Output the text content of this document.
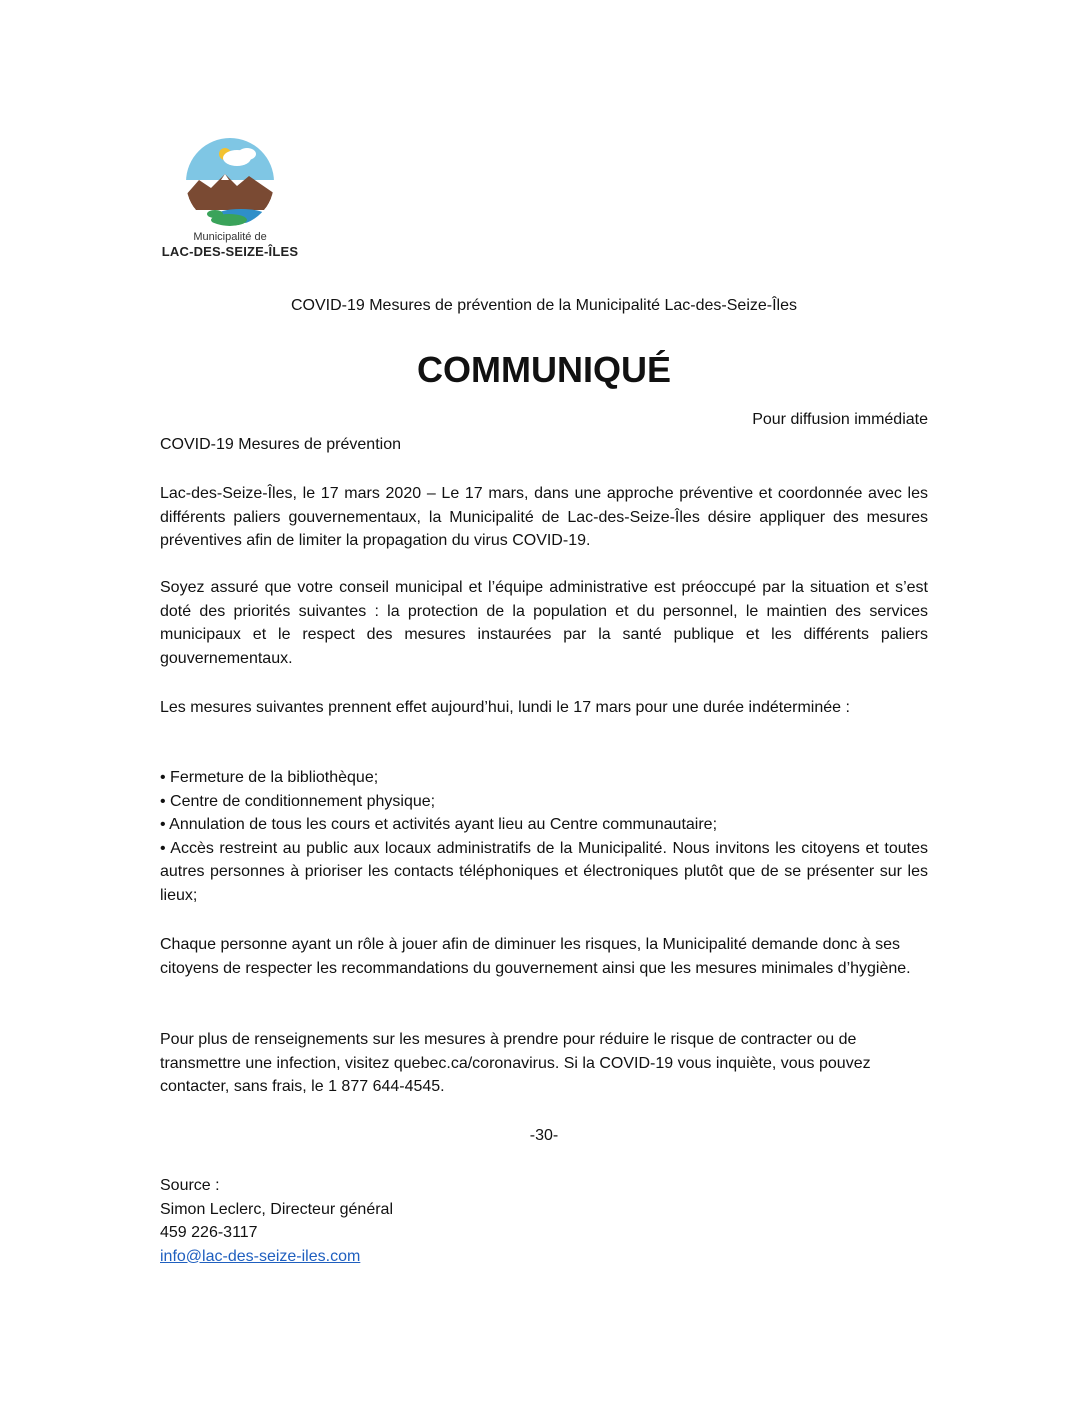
Municipalité de
LAC-DES-SEIZE-ÎLES
COVID-19 Mesures de prévention de la Municipalité Lac-des-Seize-Îles
COMMUNIQUÉ
Pour diffusion immédiate
COVID-19 Mesures de prévention
Lac-des-Seize-Îles, le 17 mars 2020 – Le 17 mars, dans une approche préventive et coordonnée avec les différents paliers gouvernementaux, la Municipalité de Lac-des-Seize-Îles désire appliquer des mesures préventives afin de limiter la propagation du virus COVID-19.
Soyez assuré que votre conseil municipal et l’équipe administrative est préoccupé par la situation et s’est doté des priorités suivantes : la protection de la population et du personnel, le maintien des services municipaux et le respect des mesures instaurées par la santé publique et les différents paliers gouvernementaux.
Les mesures suivantes prennent effet aujourd’hui, lundi le 17 mars pour une durée indéterminée :
• Fermeture de la bibliothèque;
• Centre de conditionnement physique;
• Annulation de tous les cours et activités ayant lieu au Centre communautaire;
• Accès restreint au public aux locaux administratifs de la Municipalité. Nous invitons les citoyens et toutes autres personnes à prioriser les contacts téléphoniques et électroniques plutôt que de se présenter sur les lieux;
Chaque personne ayant un rôle à jouer afin de diminuer les risques, la Municipalité demande donc à ses citoyens de respecter les recommandations du gouvernement ainsi que les mesures minimales d’hygiène.
Pour plus de renseignements sur les mesures à prendre pour réduire le risque de contracter ou de transmettre une infection, visitez quebec.ca/coronavirus. Si la COVID-19 vous inquiète, vous pouvez contacter, sans frais, le 1 877 644-4545.
-30-
Source :
Simon Leclerc, Directeur général
459 226-3117
info@lac-des-seize-iles.com
